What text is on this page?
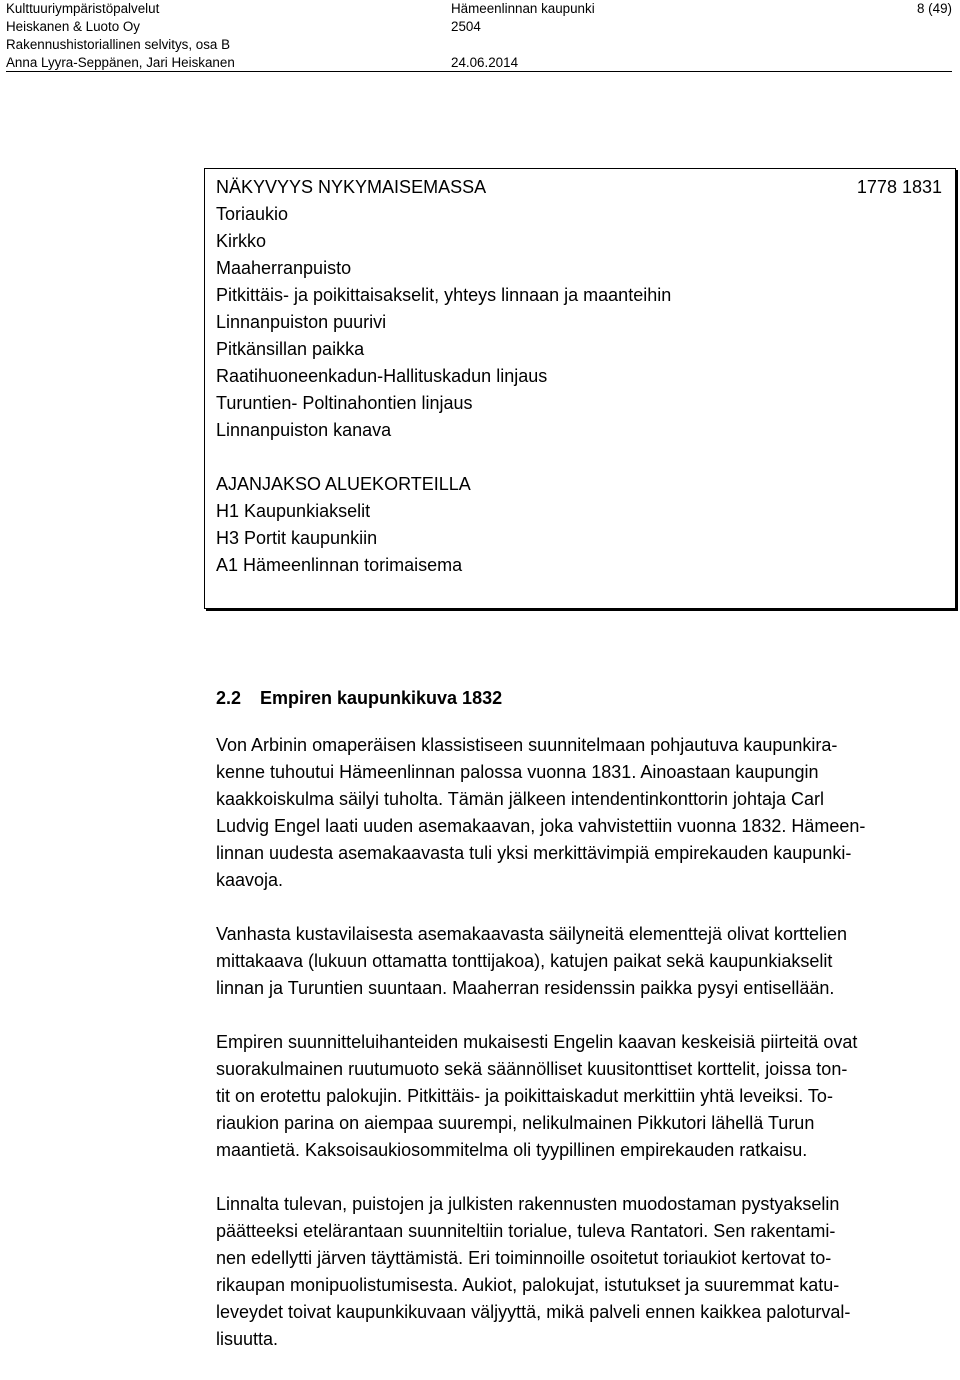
Kulttuuriympäristöpalvelut
Heiskanen & Luoto Oy
Rakennushistoriallinen selvitys, osa B
Anna Lyyra-Seppänen, Jari Heiskanen
Hämeenlinnan kaupunki
2504

24.06.2014
8 (49)
NÄKYVYYS NYKYMAISEMASSA
Toriaukio
Kirkko
Maaherranpuisto
Pitkittäis- ja poikittaisakselit, yhteys linnaan ja maanteihin
Linnanpuiston puurivi
Pitkänsillan paikka
Raatihuoneenkadun-Hallituskadun linjaus
Turuntien- Poltinahontien linjaus
Linnanpuiston kanava
AJANJAKSO ALUEKORTEILLA
H1 Kaupunkiakselit
H3 Portit kaupunkiin
A1 Hämeenlinnan torimaisema
1778 1831
2.2	Empiren kaupunkikuva 1832

Von Arbinin omaperäisen klassistiseen suunnitelmaan pohjautuva kaupunkira-
kenne tuhoutui Hämeenlinnan palossa vuonna 1831. Ainoastaan kaupungin
kaakkoiskulma säilyi tuholta. Tämän jälkeen intendentinkonttorin johtaja Carl
Ludvig Engel laati uuden asemakaavan, joka vahvistettiin vuonna 1832. Hämeen-
linnan uudesta asemakaavasta tuli yksi merkittävimpiä empirekauden kaupunki-
kaavoja.

Vanhasta kustavilaisesta asemakaavasta säilyneitä elementtejä olivat korttelien
mittakaava (lukuun ottamatta tonttijakoa), katujen paikat sekä kaupunkiakselit
linnan ja Turuntien suuntaan. Maaherran residenssin paikka pysyi entisellään.

Empiren suunnitteluihanteiden mukaisesti Engelin kaavan keskeisiä piirteitä ovat
suorakulmainen ruutumuoto sekä säännölliset kuusitonttiset korttelit, joissa ton-
tit on erotettu palokujin. Pitkittäis- ja poikittaiskadut merkittiin yhtä leveiksi. To-
riaukion parina on aiempaa suurempi, nelikulmainen Pikkutori lähellä Turun
maantietä. Kaksoisaukiosommitelma oli tyypillinen empirekauden ratkaisu.

Linnalta tulevan, puistojen ja julkisten rakennusten muodostaman pystyakselin
päätteeksi etelärantaan suunniteltiin torialue, tuleva Rantatori. Sen rakentami-
nen edellytti järven täyttämistä. Eri toiminnoille osoitetut toriaukiot kertovat to-
rikaupan monipuolistumisesta. Aukiot, palokujat, istutukset ja suuremmat katu-
leveydet toivat kaupunkikuvaan väljyyttä, mikä palveli ennen kaikkea paloturval-
lisuutta.
